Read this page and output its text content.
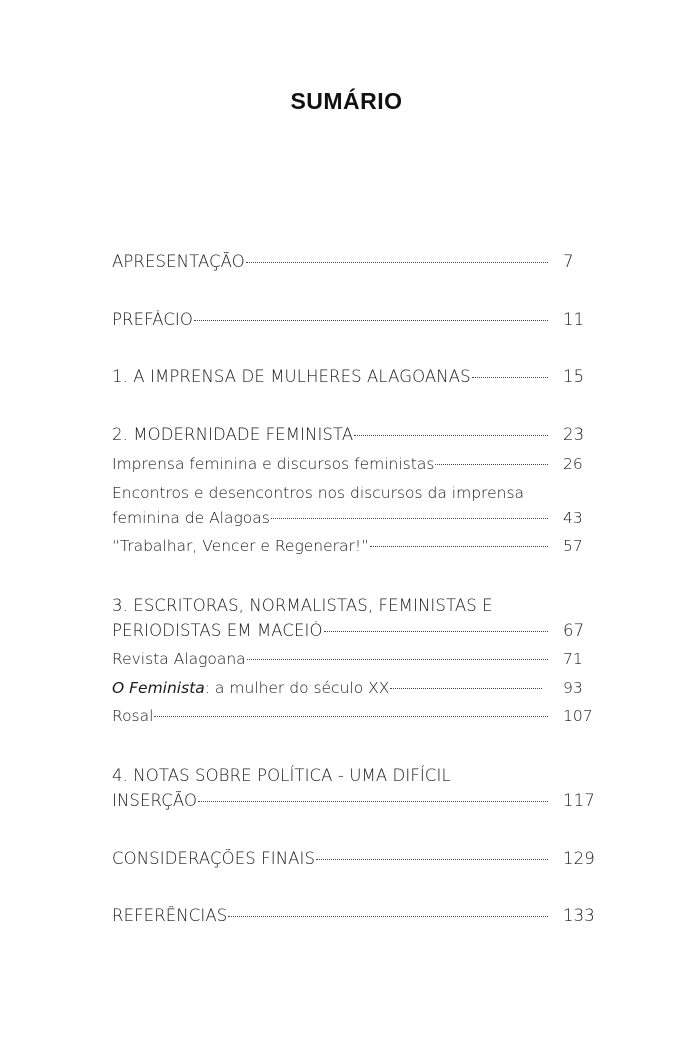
SUMÁRIO
APRESENTAÇÃO	7
PREFÁCIO	11
1. A IMPRENSA DE MULHERES ALAGOANAS	15
2. MODERNIDADE FEMINISTA	23
Imprensa feminina e discursos feministas	26
Encontros e desencontros nos discursos da imprensa
feminina de Alagoas	43
“Trabalhar, Vencer e Regenerar!”	57
3. ESCRITORAS, NORMALISTAS, FEMINISTAS E
PERIODISTAS EM MACEIÓ	67
Revista Alagoana	71
O Feminista: a mulher do século XX	93
Rosal	107
4. NOTAS SOBRE POLÍTICA - UMA DIFÍCIL
INSERÇÃO	117
CONSIDERAÇÕES FINAIS	129
REFERÊNCIAS	133
